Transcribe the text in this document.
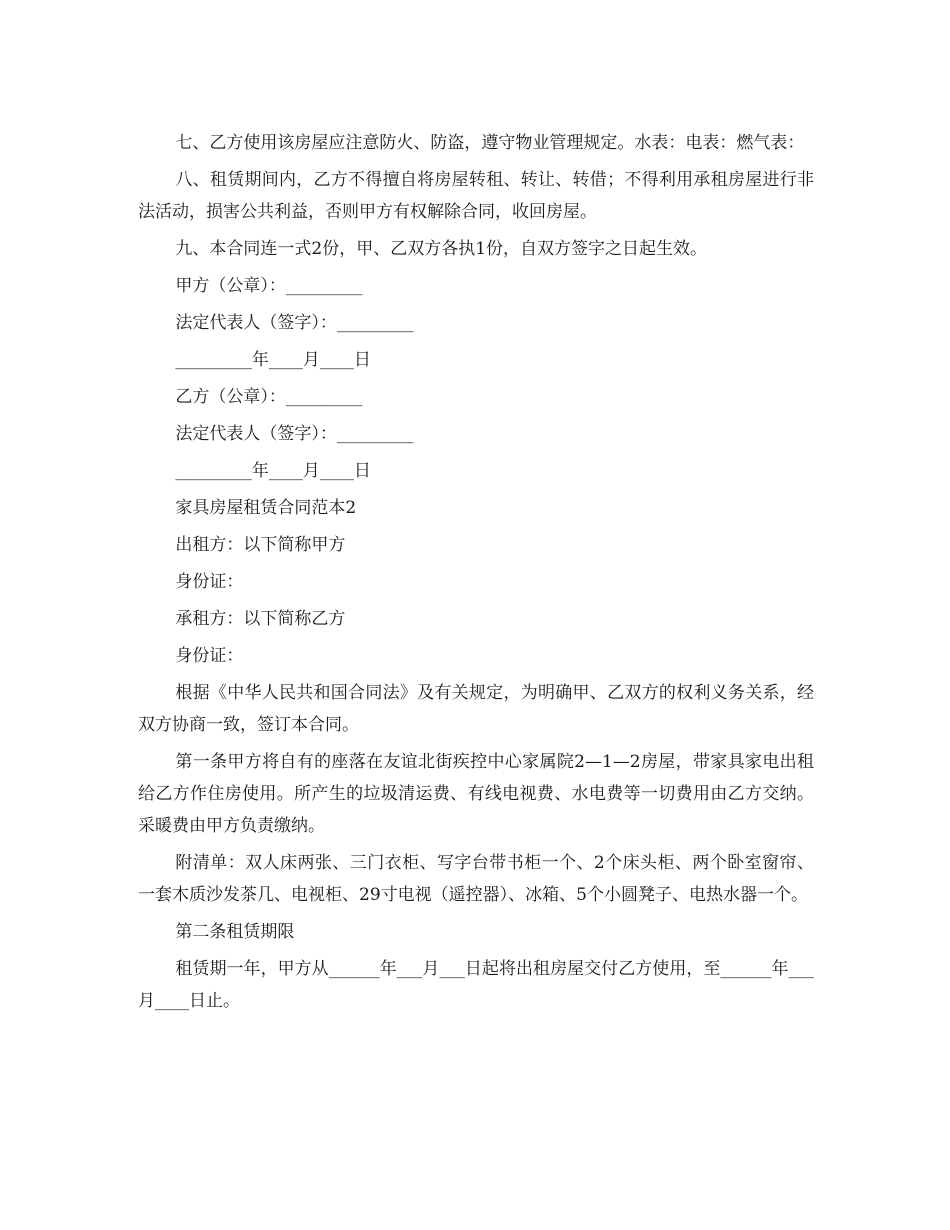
七、乙方使用该房屋应注意防火、防盗，遵守物业管理规定。水表：电表：燃气表：

八、租赁期间内，乙方不得擅自将房屋转租、转让、转借；不得利用承租房屋进行非法活动，损害公共利益，否则甲方有权解除合同，收回房屋。

九、本合同连一式2份，甲、乙双方各执1份，自双方签字之日起生效。

甲方（公章）：_________

法定代表人（签字）：_________

_________年____月____日

乙方（公章）：_________

法定代表人（签字）：_________

_________年____月____日

家具房屋租赁合同范本2

出租方：以下简称甲方

身份证：

承租方：以下简称乙方

身份证：

根据《中华人民共和国合同法》及有关规定，为明确甲、乙双方的权利义务关系，经双方协商一致，签订本合同。

第一条甲方将自有的座落在友谊北街疾控中心家属院2—1—2房屋，带家具家电出租给乙方作住房使用。所产生的垃圾清运费、有线电视费、水电费等一切费用由乙方交纳。采暖费由甲方负责缴纳。

附清单：双人床两张、三门衣柜、写字台带书柜一个、2个床头柜、两个卧室窗帘、一套木质沙发茶几、电视柜、29寸电视（遥控器）、冰箱、5个小圆凳子、电热水器一个。

第二条租赁期限

租赁期一年，甲方从______年___月___日起将出租房屋交付乙方使用，至______年___月____日止。
